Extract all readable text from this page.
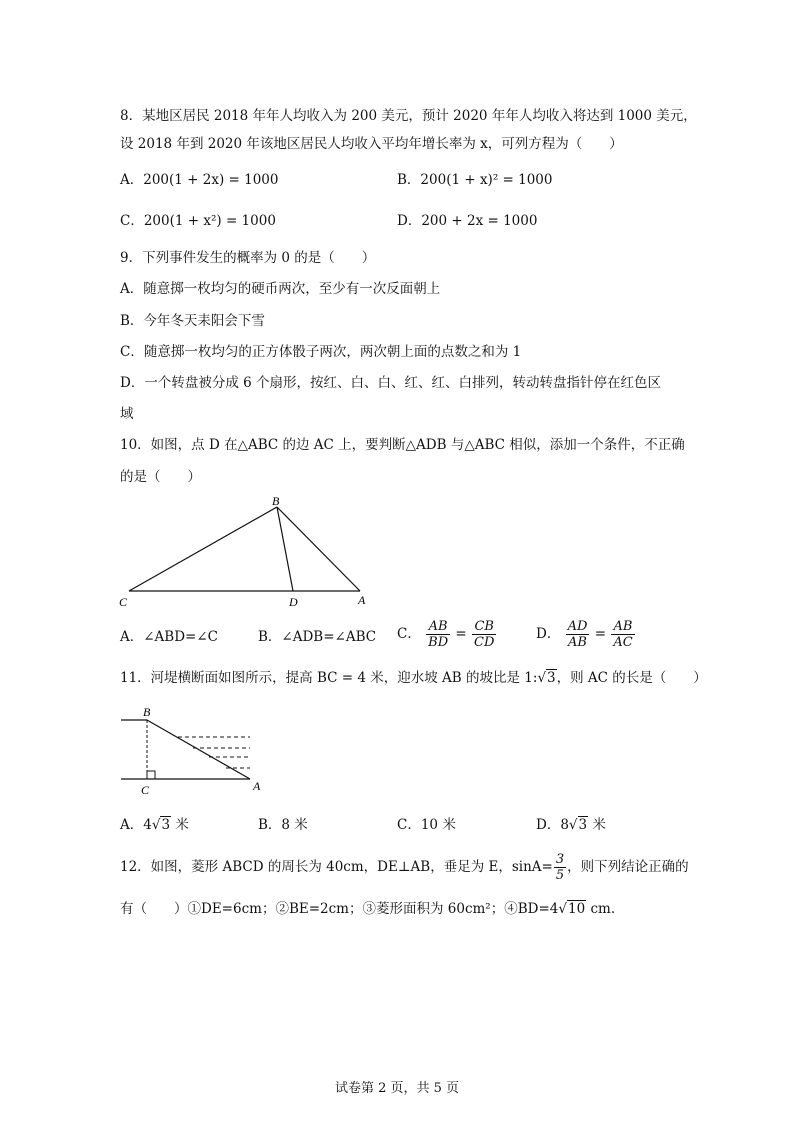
8．某地区居民 2018 年年人均收入为 200 美元，预计 2020 年年人均收入将达到 1000 美元，
设 2018 年到 2020 年该地区居民人均收入平均年增长率为 x，可列方程为（　　）
A．200(1 + 2x) = 1000	B．200(1 + x)² = 1000
C．200(1 + x²) = 1000	D．200 + 2x = 1000
9．下列事件发生的概率为 0 的是（　　）
A．随意掷一枚均匀的硬币两次，至少有一次反面朝上
B．今年冬天耒阳会下雪
C．随意掷一枚均匀的正方体骰子两次，两次朝上面的点数之和为 1
D．一个转盘被分成 6 个扇形，按红、白、白、红、红、白排列，转动转盘指针停在红色区
域
10．如图，点 D 在△ABC 的边 AC 上，要判断△ADB 与△ABC 相似，添加一个条件，不正确
的是（　　）
B
C	D	A
A．∠ABD=∠C	B．∠ADB=∠ABC C． $\frac{AB}{BD} = \frac{CB}{CD}$	D． $\frac{AD}{AB} = \frac{AB}{AC}$
11．河堤横断面如图所示，提高 BC = 4 米，迎水坡 AB 的坡比是 1:√3，则 AC 的长是（　　）
B
C	A
A．4√3 米	B．8 米	C．10 米	D．8√3 米
12．如图，菱形 ABCD 的周长为 40cm，DE⊥AB，垂足为 E，$\sin A= \frac{3}{5}$ ，则下列结论正确的
有（　　）①DE=6cm；②BE=2cm；③菱形面积为 60cm²；④BD=4√10 cm.
试卷第 2 页，共 5 页
